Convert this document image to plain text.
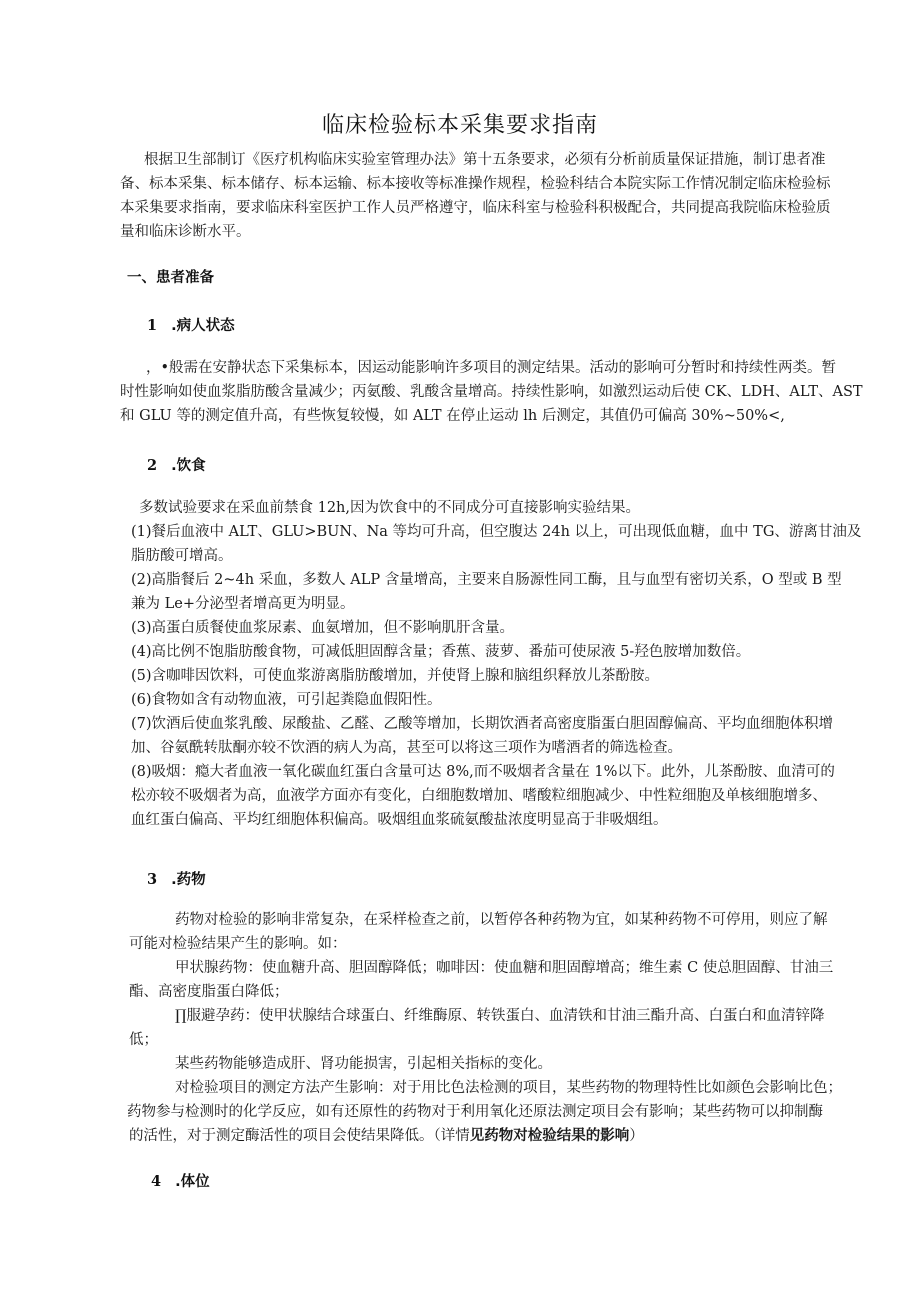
临床检验标本采集要求指南
根据卫生部制订《医疗机构临床实验室管理办法》第十五条要求，必须有分析前质量保证措施，制订患者准
备、标本采集、标本储存、标本运输、标本接收等标准操作规程，检验科结合本院实际工作情况制定临床检验标
本采集要求指南，要求临床科室医护工作人员严格遵守，临床科室与检验科积极配合，共同提高我院临床检验质
量和临床诊断水平。
一、患者准备
1 .病人状态
，•般需在安静状态下采集标本，因运动能影响许多项目的测定结果。活动的影响可分暂时和持续性两类。暂
时性影响如使血浆脂肪酸含量减少；丙氨酸、乳酸含量增高。持续性影响，如激烈运动后使 CK、LDH、ALT、AST
和 GLU 等的测定值升高，有些恢复较慢，如 ALT 在停止运动 lh 后测定，其值仍可偏高 30%~50%<,
2 .饮食
多数试验要求在采血前禁食 12h,因为饮食中的不同成分可直接影响实验结果。
(1)餐后血液中 ALT、GLU>BUN、Na 等均可升高，但空腹达 24h 以上，可出现低血糖，血中 TG、游离甘油及
脂肪酸可增高。
(2)高脂餐后 2~4h 采血，多数人 ALP 含量增高，主要来自肠源性同工酶，且与血型有密切关系，O 型或 B 型
兼为 Le+分泌型者增高更为明显。
(3)高蛋白质餐使血浆尿素、血氨增加，但不影响肌肝含量。
(4)高比例不饱脂肪酸食物，可减低胆固醇含量；香蕉、菠萝、番茄可使尿液 5-羟色胺增加数倍。
(5)含咖啡因饮料，可使血浆游离脂肪酸增加，并使肾上腺和脑组织释放儿茶酚胺。
(6)食物如含有动物血液，可引起粪隐血假阳性。
(7)饮酒后使血浆乳酸、尿酸盐、乙醛、乙酸等增加，长期饮酒者高密度脂蛋白胆固醇偏高、平均血细胞体积增
加、谷氨酰转肽酮亦较不饮酒的病人为高，甚至可以将这三项作为嗜酒者的筛选检查。
(8)吸烟：瘾大者血液一氧化碳血红蛋白含量可达 8%,而不吸烟者含量在 1%以下。此外，儿茶酚胺、血清可的
松亦较不吸烟者为高，血液学方面亦有变化，白细胞数增加、嗜酸粒细胞减少、中性粒细胞及单核细胞增多、
血红蛋白偏高、平均红细胞体积偏高。吸烟组血浆硫氨酸盐浓度明显高于非吸烟组。
3 .药物
药物对检验的影响非常复杂，在采样检查之前，以暂停各种药物为宜，如某种药物不可停用，则应了解
可能对检验结果产生的影响。如：
甲状腺药物：使血糖升高、胆固醇降低；咖啡因：使血糖和胆固醇增高；维生素 C 使总胆固醇、甘油三
酯、高密度脂蛋白降低；
∏服避孕药：使甲状腺结合球蛋白、纤维酶原、转铁蛋白、血清铁和甘油三酯升高、白蛋白和血清锌降
低；
某些药物能够造成肝、肾功能损害，引起相关指标的变化。
对检验项目的测定方法产生影响：对于用比色法检测的项目，某些药物的物理特性比如颜色会影响比色；
药物参与检测时的化学反应，如有还原性的药物对于利用氧化还原法测定项目会有影响；某些药物可以抑制酶
的活性，对于测定酶活性的项目会使结果降低。（详情见药物对检验结果的影响）
4 .体位
